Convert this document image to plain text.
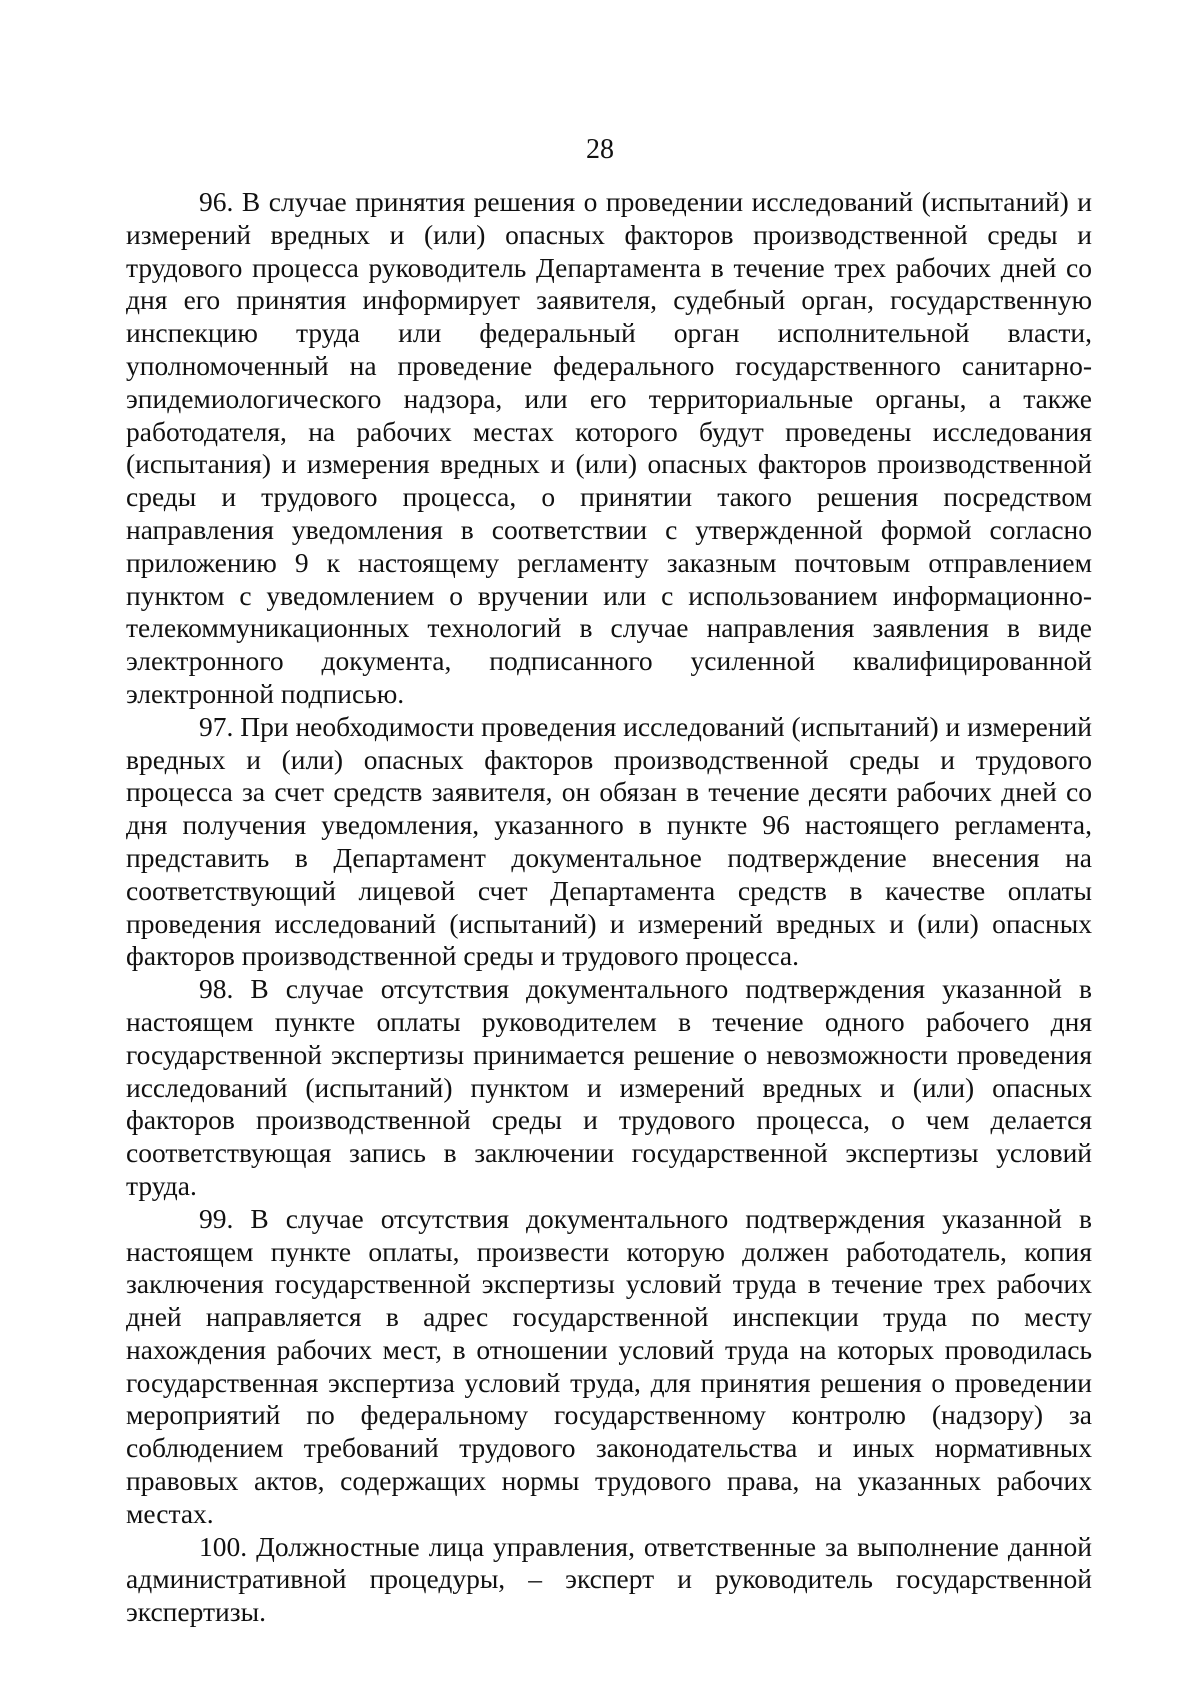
28

96. В случае принятия решения о проведении исследований (испытаний) и измерений вредных и (или) опасных факторов производственной среды и трудового процесса руководитель Департамента в течение трех рабочих дней со дня его принятия информирует заявителя, судебный орган, государственную инспекцию труда или федеральный орган исполнительной власти, уполномоченный на проведение федерального государственного санитарно-эпидемиологического надзора, или его территориальные органы, а также работодателя, на рабочих местах которого будут проведены исследования (испытания) и измерения вредных и (или) опасных факторов производственной среды и трудового процесса, о принятии такого решения посредством направления уведомления в соответствии с утвержденной формой согласно приложению 9 к настоящему регламенту заказным почтовым отправлением пунктом с уведомлением о вручении или с использованием информационно-телекоммуникационных технологий в случае направления заявления в виде электронного документа, подписанного усиленной квалифицированной электронной подписью.

97. При необходимости проведения исследований (испытаний) и измерений вредных и (или) опасных факторов производственной среды и трудового процесса за счет средств заявителя, он обязан в течение десяти рабочих дней со дня получения уведомления, указанного в пункте 96 настоящего регламента, представить в Департамент документальное подтверждение внесения на соответствующий лицевой счет Департамента средств в качестве оплаты проведения исследований (испытаний) и измерений вредных и (или) опасных факторов производственной среды и трудового процесса.

98. В случае отсутствия документального подтверждения указанной в настоящем пункте оплаты руководителем в течение одного рабочего дня государственной экспертизы принимается решение о невозможности проведения исследований (испытаний) пунктом и измерений вредных и (или) опасных факторов производственной среды и трудового процесса, о чем делается соответствующая запись в заключении государственной экспертизы условий труда.

99. В случае отсутствия документального подтверждения указанной в настоящем пункте оплаты, произвести которую должен работодатель, копия заключения государственной экспертизы условий труда в течение трех рабочих дней направляется в адрес государственной инспекции труда по месту нахождения рабочих мест, в отношении условий труда на которых проводилась государственная экспертиза условий труда, для принятия решения о проведении мероприятий по федеральному государственному контролю (надзору) за соблюдением требований трудового законодательства и иных нормативных правовых актов, содержащих нормы трудового права, на указанных рабочих местах.

100. Должностные лица управления, ответственные за выполнение данной административной процедуры, – эксперт и руководитель государственной экспертизы.
